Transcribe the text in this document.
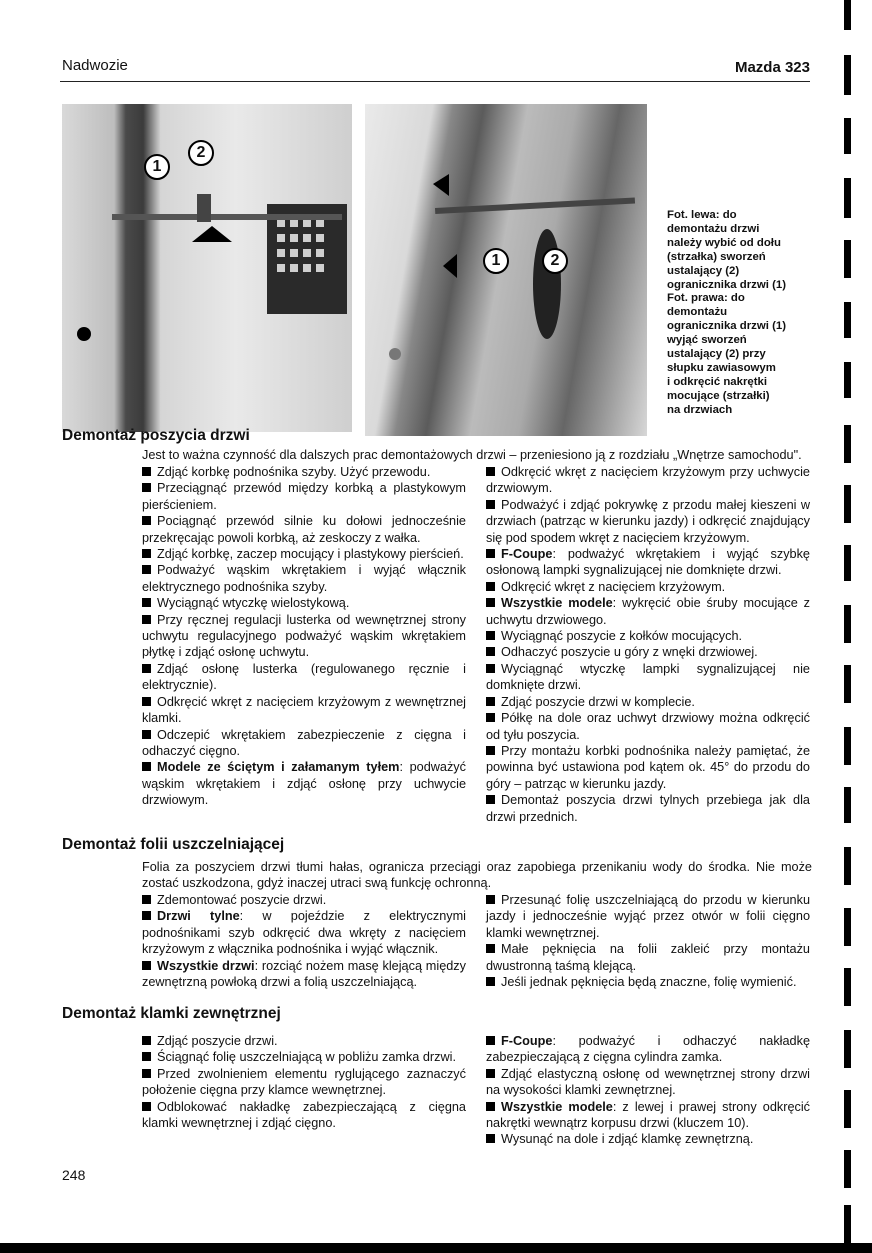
Nadwozie	Mazda 323
1
2
1	2
Fot. lewa: do
demontażu drzwi
należy wybić od dołu
(strzałka) sworzeń
ustalający (2)
ogranicznika drzwi (1)
Fot. prawa: do
demontażu
ogranicznika drzwi (1)
wyjąć sworzeń
ustalający (2) przy
słupku zawiasowym
i odkręcić nakrętki
mocujące (strzałki)
na drzwiach
Demontaż poszycia drzwi
Jest to ważna czynność dla dalszych prac demontażowych drzwi – przeniesiono ją z rozdziału „Wnętrze samochodu".

Zdjąć korbkę podnośnika szyby. Użyć przewodu.

Przeciągnąć przewód między korbką a plastykowym pierścieniem.

Pociągnąć przewód silnie ku dołowi jednocześnie przekręcając powoli korbką, aż zeskoczy z wałka.

Zdjąć korbkę, zaczep mocujący i plastykowy pierścień.

Podważyć wąskim wkrętakiem i wyjąć włącznik elektrycznego podnośnika szyby.

Wyciągnąć wtyczkę wielostykową.

Przy ręcznej regulacji lusterka od wewnętrznej strony uchwytu regulacyjnego podważyć wąskim wkrętakiem płytkę i zdjąć osłonę uchwytu.

Zdjąć osłonę lusterka (regulowanego ręcznie i elektrycznie).

Odkręcić wkręt z nacięciem krzyżowym z wewnętrznej klamki.

Odczepić wkrętakiem zabezpieczenie z cięgna i odhaczyć cięgno.

Modele ze ściętym i załamanym tyłem: podważyć wąskim wkrętakiem i zdjąć osłonę przy uchwycie drzwiowym.

Odkręcić wkręt z nacięciem krzyżowym przy uchwycie drzwiowym.

Podważyć i zdjąć pokrywkę z przodu małej kieszeni w drzwiach (patrząc w kierunku jazdy) i odkręcić znajdujący się pod spodem wkręt z nacięciem krzyżowym.

F-Coupe: podważyć wkrętakiem i wyjąć szybkę osłonową lampki sygnalizującej nie domknięte drzwi.

Odkręcić wkręt z nacięciem krzyżowym.

Wszystkie modele: wykręcić obie śruby mocujące z uchwytu drzwiowego.

Wyciągnąć poszycie z kołków mocujących.

Odhaczyć poszycie u góry z wnęki drzwiowej.

Wyciągnąć wtyczkę lampki sygnalizującej nie domknięte drzwi.

Zdjąć poszycie drzwi w komplecie.

Półkę na dole oraz uchwyt drzwiowy można odkręcić od tyłu poszycia.

Przy montażu korbki podnośnika należy pamiętać, że powinna być ustawiona pod kątem ok. 45° do przodu do góry – patrząc w kierunku jazdy.

Demontaż poszycia drzwi tylnych przebiega jak dla drzwi przednich.

Demontaż folii uszczelniającej
Folia za poszyciem drzwi tłumi hałas, ogranicza przeciągi oraz zapobiega przenikaniu wody do środka. Nie może zostać uszkodzona, gdyż inaczej utraci swą funkcję ochronną.

Zdemontować poszycie drzwi.

Drzwi tylne: w pojeździe z elektrycznymi podnośnikami szyb odkręcić dwa wkręty z nacięciem krzyżowym z włącznika podnośnika i wyjąć włącznik.

Wszystkie drzwi: rozciąć nożem masę klejącą między zewnętrzną powłoką drzwi a folią uszczelniającą.

Przesunąć folię uszczelniającą do przodu w kierunku jazdy i jednocześnie wyjąć przez otwór w folii cięgno klamki wewnętrznej.

Małe pęknięcia na folii zakleić przy montażu dwustronną taśmą klejącą.

Jeśli jednak pęknięcia będą znaczne, folię wymienić.

Demontaż klamki zewnętrznej

Zdjąć poszycie drzwi.

Ściągnąć folię uszczelniającą w pobliżu zamka drzwi.

Przed zwolnieniem elementu ryglującego zaznaczyć położenie cięgna przy klamce wewnętrznej.

Odblokować nakładkę zabezpieczającą z cięgna klamki wewnętrznej i zdjąć cięgno.

F-Coupe: podważyć i odhaczyć nakładkę zabezpieczającą z cięgna cylindra zamka.

Zdjąć elastyczną osłonę od wewnętrznej strony drzwi na wysokości klamki zewnętrznej.

Wszystkie modele: z lewej i prawej strony odkręcić nakrętki wewnątrz korpusu drzwi (kluczem 10).

Wysunąć na dole i zdjąć klamkę zewnętrzną.

248
